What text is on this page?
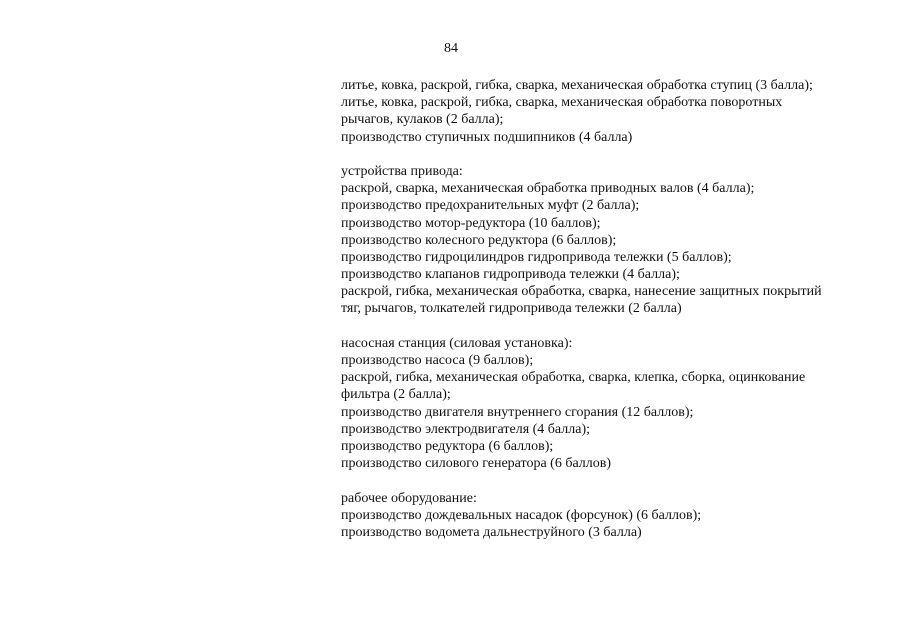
84
литье, ковка, раскрой, гибка, сварка, механическая обработка ступиц (3 балла);
литье, ковка, раскрой, гибка, сварка, механическая обработка поворотных
рычагов, кулаков (2 балла);
производство ступичных подшипников (4 балла)
устройства привода:
раскрой, сварка, механическая обработка приводных валов (4 балла);
производство предохранительных муфт (2 балла);
производство мотор-редуктора (10 баллов);
производство колесного редуктора (6 баллов);
производство гидроцилиндров гидропривода тележки (5 баллов);
производство клапанов гидропривода тележки (4 балла);
раскрой, гибка, механическая обработка, сварка, нанесение защитных покрытий
тяг, рычагов, толкателей гидропривода тележки (2 балла)
насосная станция (силовая установка):
производство насоса (9 баллов);
раскрой, гибка, механическая обработка, сварка, клепка, сборка, оцинкование
фильтра (2 балла);
производство двигателя внутреннего сгорания (12 баллов);
производство электродвигателя (4 балла);
производство редуктора (6 баллов);
производство силового генератора (6 баллов)
рабочее оборудование:
производство дождевальных насадок (форсунок) (6 баллов);
производство водомета дальнеструйного (3 балла)
